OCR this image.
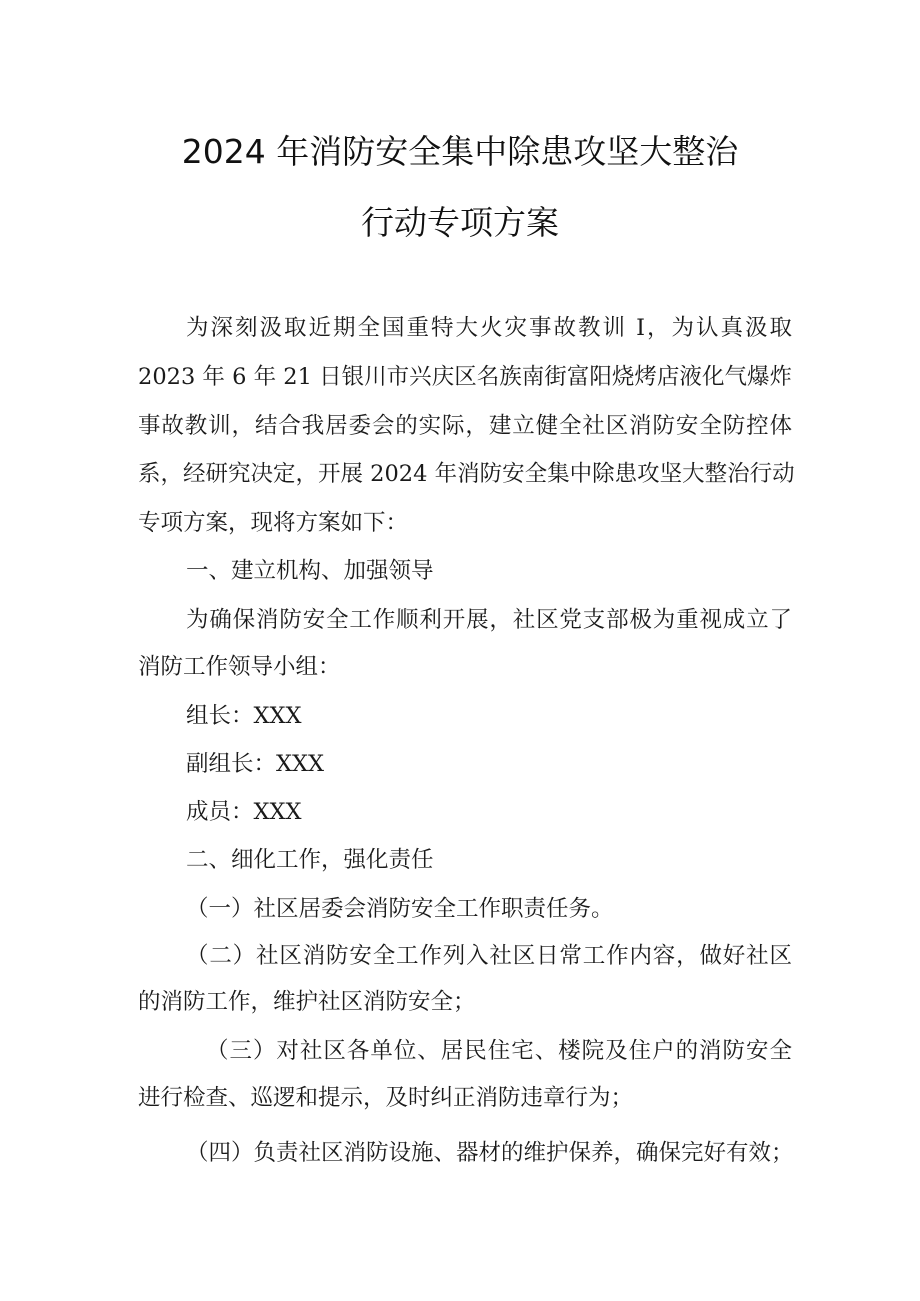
2024 年消防安全集中除患攻坚大整治
行动专项方案
为深刻汲取近期全国重特大火灾事故教训 I，为认真汲取
2023 年 6 年 21 日银川市兴庆区名族南街富阳烧烤店液化气爆炸
事故教训，结合我居委会的实际，建立健全社区消防安全防控体
系，经研究决定，开展 2024 年消防安全集中除患攻坚大整治行动
专项方案，现将方案如下：
一、建立机构、加强领导
为确保消防安全工作顺利开展，社区党支部极为重视成立了
消防工作领导小组：
组长：XXX
副组长：XXX
成员：XXX
二、细化工作，强化责任
（一）社区居委会消防安全工作职责任务。
（二）社区消防安全工作列入社区日常工作内容，做好社区
的消防工作，维护社区消防安全；
（三）对社区各单位、居民住宅、楼院及住户的消防安全
进行检查、巡逻和提示，及时纠正消防违章行为；
（四）负责社区消防设施、器材的维护保养，确保完好有效；
